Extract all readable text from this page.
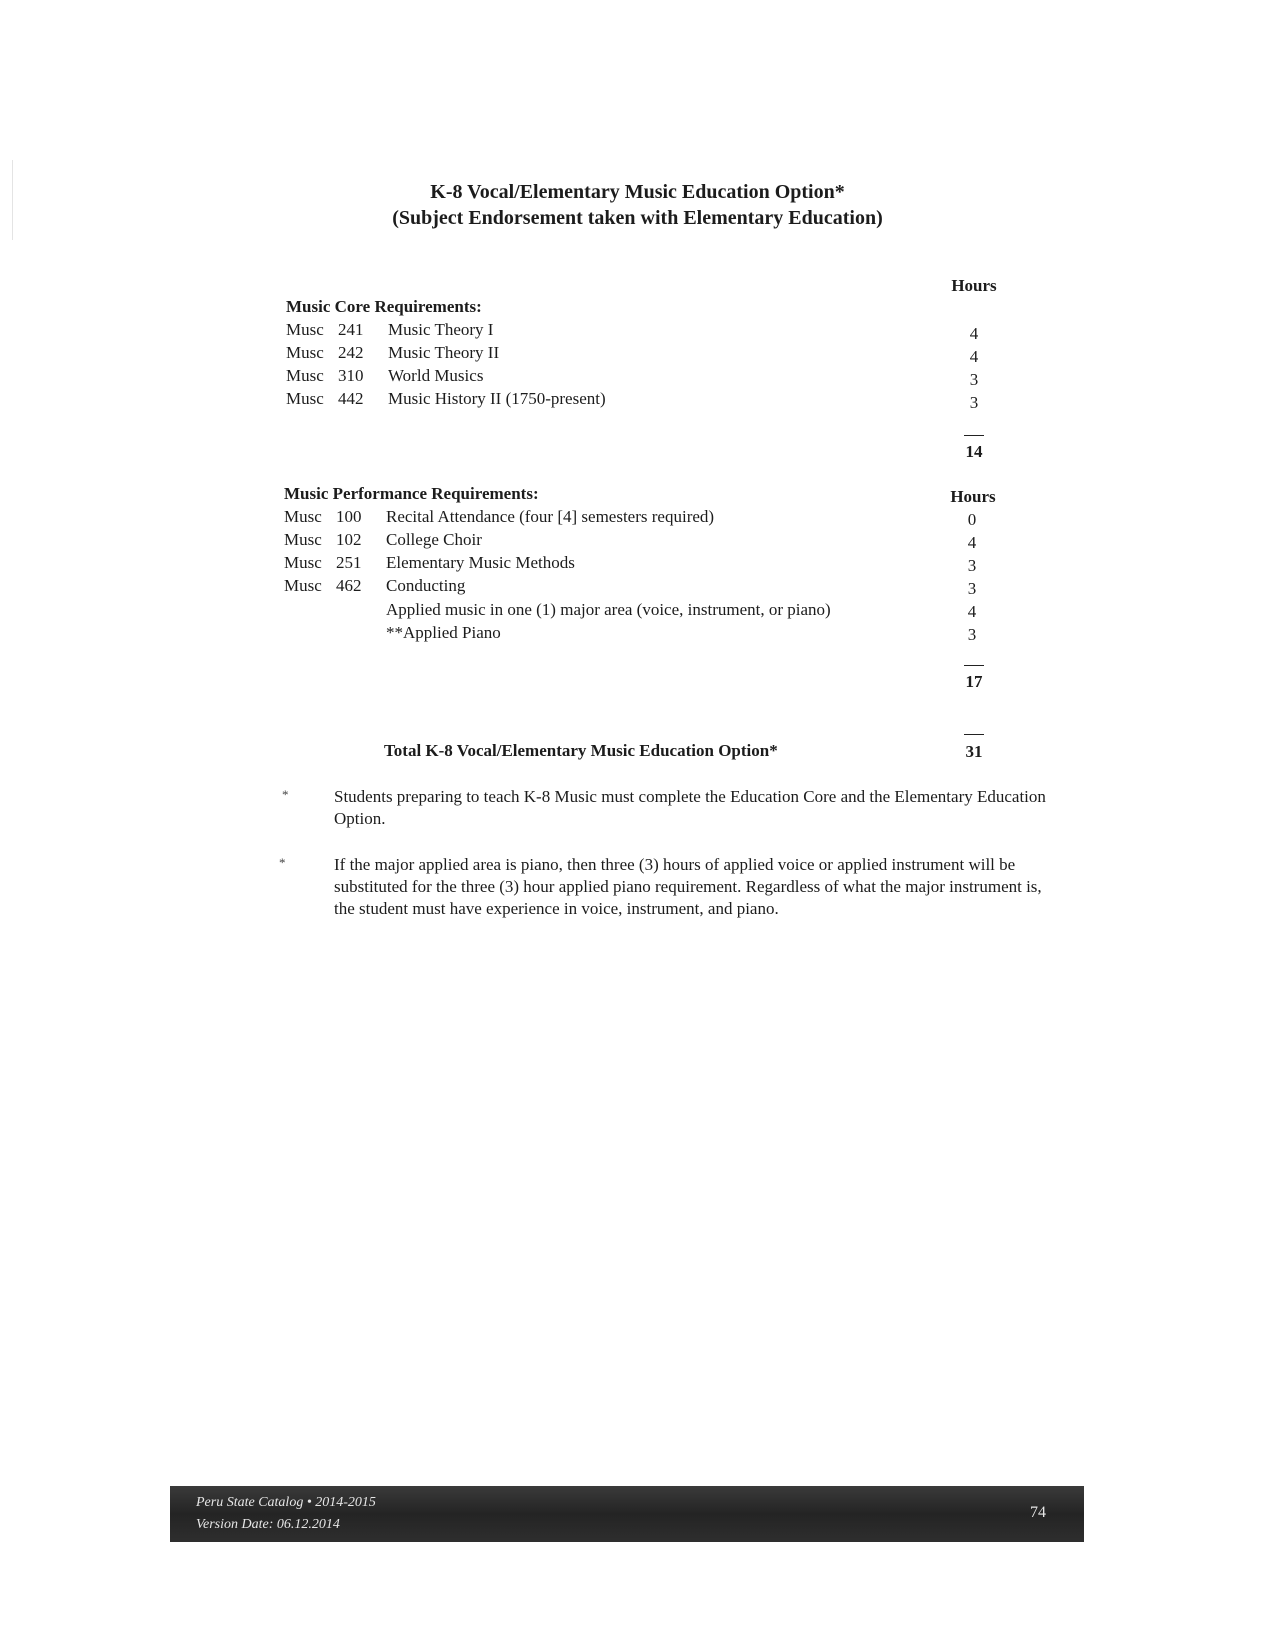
K-8 Vocal/Elementary Music Education Option*
(Subject Endorsement taken with Elementary Education)
Hours
Music Core Requirements:
Musc 241 Music Theory I	4
Musc 242 Music Theory II	4
Musc 310 World Musics	3
Musc 442 Music History II (1750-present)	3
14
Music Performance Requirements:	Hours
Musc 100 Recital Attendance (four [4] semesters required)	0
Musc 102 College Choir	4
Musc 251 Elementary Music Methods	3
Musc 462 Conducting	3
Applied music in one (1) major area (voice, instrument, or piano)	4
**Applied Piano	3
17
Total K-8 Vocal/Elementary Music Education Option*	31
*	Students preparing to teach K-8 Music must complete the Education Core and the Elementary Education Option.
*	If the major applied area is piano, then three (3) hours of applied voice or applied instrument will be substituted for the three (3) hour applied piano requirement. Regardless of what the major instrument is, the student must have experience in voice, instrument, and piano.
Peru State Catalog • 2014-2015
Version Date: 06.12.2014
74
